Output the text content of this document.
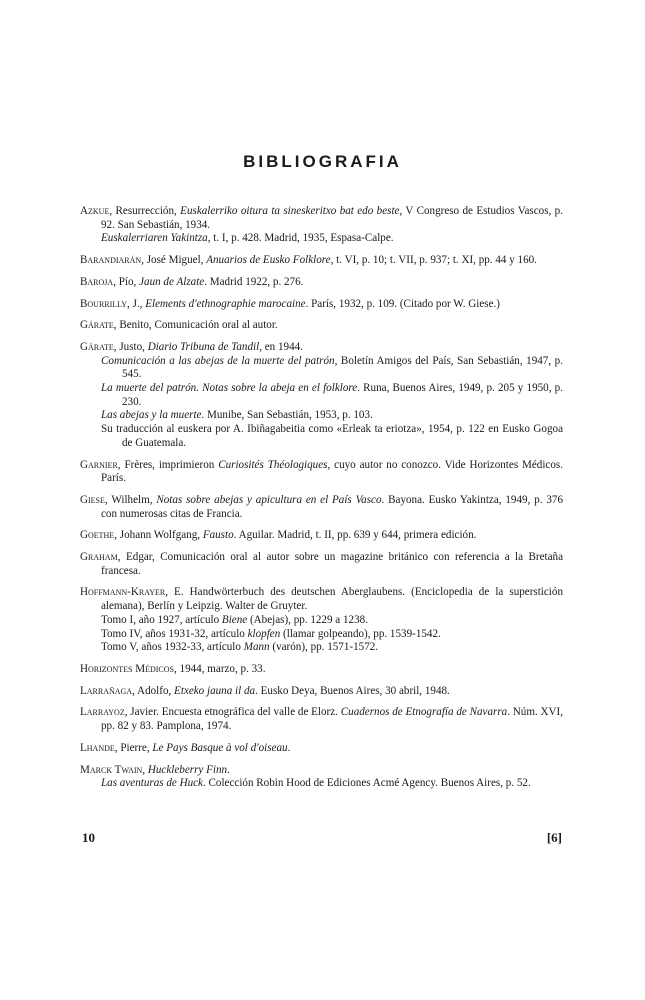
BIBLIOGRAFIA

Azkue, Resurrección, Euskalerriko oitura ta sineskeritxo bat edo beste, V Congreso de Estudios Vascos, p. 92. San Sebastián, 1934.

Euskalerriaren Yakintza, t. I, p. 428. Madrid, 1935, Espasa-Calpe.

Barandiarán, José Miguel, Anuarios de Eusko Folklore, t. VI, p. 10; t. VII, p. 937; t. XI, pp. 44 y 160.

Baroja, Pío, Jaun de Alzate. Madrid 1922, p. 276.

Bourrilly, J., Elements d'ethnographie marocaine. París, 1932, p. 109. (Citado por W. Giese.)

Gárate, Benito, Comunicación oral al autor.

Gárate, Justo, Diario Tribuna de Tandil, en 1944.

Comunicación a las abejas de la muerte del patrón, Boletín Amigos del País, San Sebastián, 1947, p. 545.

La muerte del patrón. Notas sobre la abeja en el folklore. Runa, Buenos Aires, 1949, p. 205 y 1950, p. 230.

Las abejas y la muerte. Munibe, San Sebastián, 1953, p. 103.

Su traducción al euskera por A. Ibiñagabeitia como «Erleak ta eriotza», 1954, p. 122 en Eusko Gogoa de Guatemala.

Garnier, Frères, imprimieron Curiosités Théologiques, cuyo autor no conozco. Vide Horizontes Médicos. París.

Giese, Wilhelm, Notas sobre abejas y apicultura en el País Vasco. Bayona. Eusko Yakintza, 1949, p. 376 con numerosas citas de Francia.

Goethe, Johann Wolfgang, Fausto. Aguilar. Madrid, t. II, pp. 639 y 644, primera edición.

Graham, Edgar, Comunicación oral al autor sobre un magazine británico con referencia a la Bretaña francesa.

Hoffmann-Krayer, E. Handwörterbuch des deutschen Aberglaubens. (Enciclopedia de la superstición alemana), Berlín y Leipzig. Walter de Gruyter.

Tomo I, año 1927, artículo Biene (Abejas), pp. 1229 a 1238.

Tomo IV, años 1931-32, artículo klopfen (llamar golpeando), pp. 1539-1542.

Tomo V, años 1932-33, artículo Mann (varón), pp. 1571-1572.

Horizontes Médicos, 1944, marzo, p. 33.

Larrañaga, Adolfo, Etxeko jauna il da. Eusko Deya, Buenos Aires, 30 abril, 1948.

Larrayoz, Javier. Encuesta etnográfica del valle de Elorz. Cuadernos de Etnografía de Navarra. Núm. XVI, pp. 82 y 83. Pamplona, 1974.

Lhande, Pierre, Le Pays Basque à vol d'oiseau.

Marck Twain, Huckleberry Finn.

Las aventuras de Huck. Colección Robin Hood de Ediciones Acmé Agency. Buenos Aires, p. 52.

10	[6]
